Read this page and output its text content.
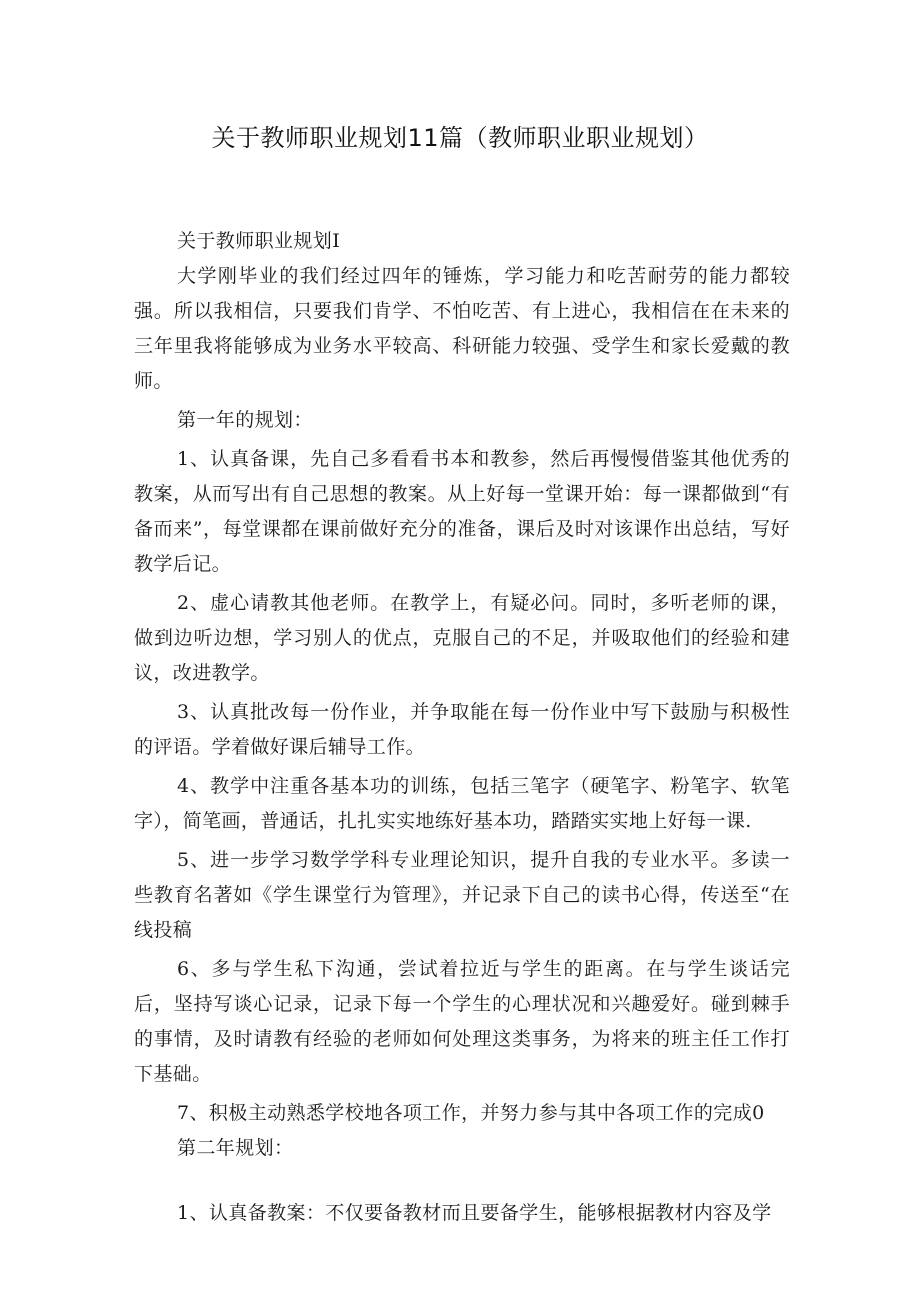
关于教师职业规划11篇（教师职业职业规划）

关于教师职业规划I

大学刚毕业的我们经过四年的锤炼，学习能力和吃苦耐劳的能力都较强。所以我相信，只要我们肯学、不怕吃苦、有上进心，我相信在在未来的三年里我将能够成为业务水平较高、科研能力较强、受学生和家长爱戴的教师。

第一年的规划：

1、认真备课，先自己多看看书本和教参，然后再慢慢借鉴其他优秀的教案，从而写出有自己思想的教案。从上好每一堂课开始：每一课都做到“有备而来”，每堂课都在课前做好充分的准备，课后及时对该课作出总结，写好教学后记。

2、虚心请教其他老师。在教学上，有疑必问。同时，多听老师的课，做到边听边想，学习别人的优点，克服自己的不足，并吸取他们的经验和建议，改进教学。

3、认真批改每一份作业，并争取能在每一份作业中写下鼓励与积极性的评语。学着做好课后辅导工作。

4、教学中注重各基本功的训练，包括三笔字（硬笔字、粉笔字、软笔字），简笔画，普通话，扎扎实实地练好基本功，踏踏实实地上好每一课.

5、进一步学习数学学科专业理论知识，提升自我的专业水平。多读一些教育名著如《学生课堂行为管理》，并记录下自己的读书心得，传送至“在线投稿

6、多与学生私下沟通，尝试着拉近与学生的距离。在与学生谈话完后，坚持写谈心记录，记录下每一个学生的心理状况和兴趣爱好。碰到棘手的事情，及时请教有经验的老师如何处理这类事务，为将来的班主任工作打下基础。

7、积极主动熟悉学校地各项工作，并努力参与其中各项工作的完成0

第二年规划：

1、认真备教案：不仅要备教材而且要备学生，能够根据教材内容及学
